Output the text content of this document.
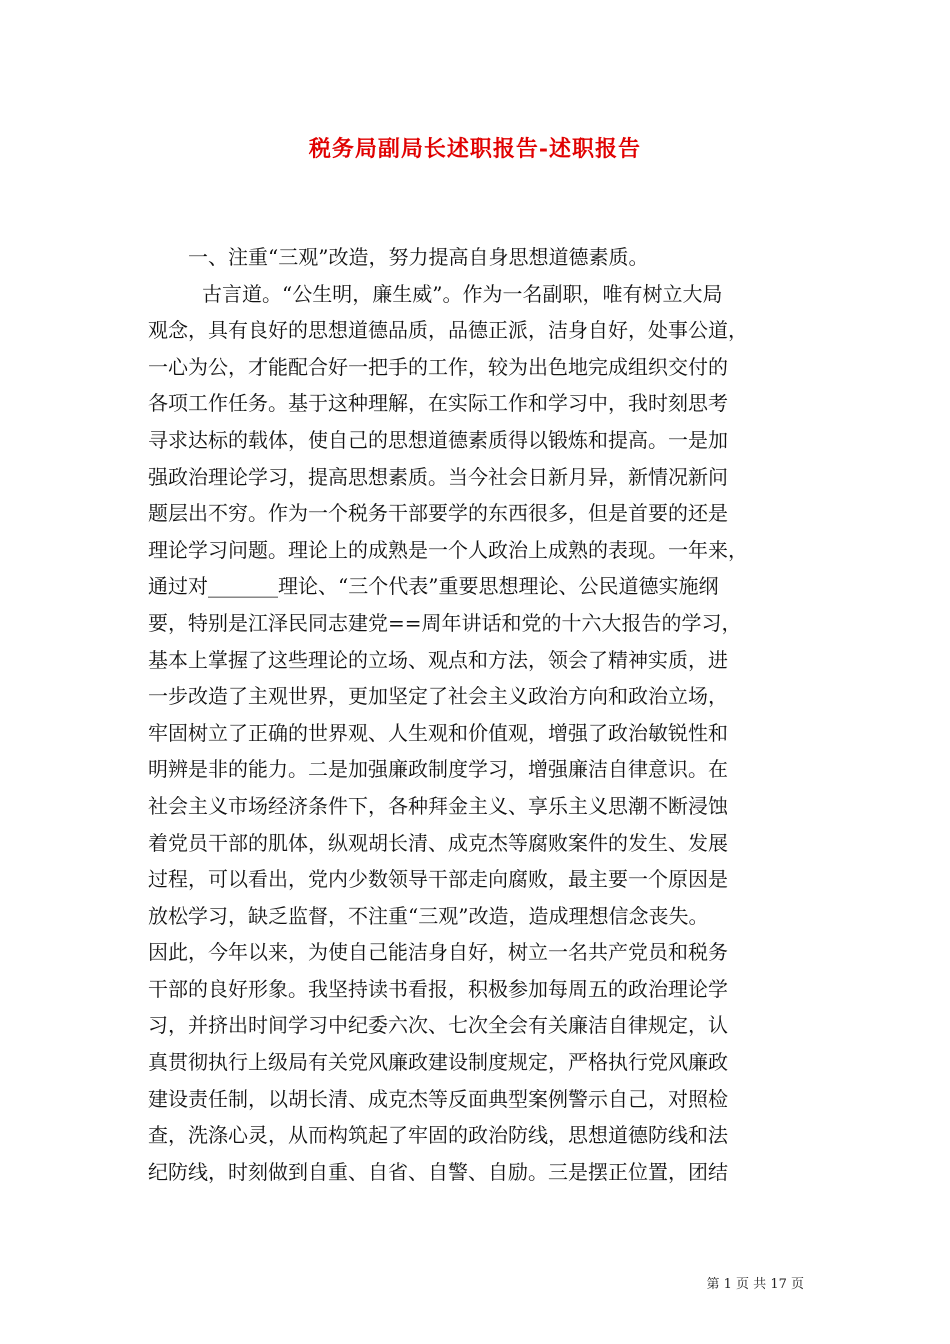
税务局副局长述职报告-述职报告
一、注重“三观”改造，努力提高自身思想道德素质。
古言道。“公生明，廉生威”。作为一名副职，唯有树立大局
观念，具有良好的思想道德品质，品德正派，洁身自好，处事公道，
一心为公，才能配合好一把手的工作，较为出色地完成组织交付的
各项工作任务。基于这种理解，在实际工作和学习中，我时刻思考
寻求达标的载体，使自己的思想道德素质得以锻炼和提高。一是加
强政治理论学习，提高思想素质。当今社会日新月异，新情况新问
题层出不穷。作为一个税务干部要学的东西很多，但是首要的还是
理论学习问题。理论上的成熟是一个人政治上成熟的表现。一年来，
通过对_______理论、“三个代表”重要思想理论、公民道德实施纲
要，特别是江泽民同志建党==周年讲话和党的十六大报告的学习，
基本上掌握了这些理论的立场、观点和方法，领会了精神实质，进
一步改造了主观世界，更加坚定了社会主义政治方向和政治立场，
牢固树立了正确的世界观、人生观和价值观，增强了政治敏锐性和
明辨是非的能力。二是加强廉政制度学习，增强廉洁自律意识。在
社会主义市场经济条件下，各种拜金主义、享乐主义思潮不断浸蚀
着党员干部的肌体，纵观胡长清、成克杰等腐败案件的发生、发展
过程，可以看出，党内少数领导干部走向腐败，最主要一个原因是
放松学习，缺乏监督，不注重“三观”改造，造成理想信念丧失。
因此，今年以来，为使自己能洁身自好，树立一名共产党员和税务
干部的良好形象。我坚持读书看报，积极参加每周五的政治理论学
习，并挤出时间学习中纪委六次、七次全会有关廉洁自律规定，认
真贯彻执行上级局有关党风廉政建设制度规定，严格执行党风廉政
建设责任制，以胡长清、成克杰等反面典型案例警示自己，对照检
查，洗涤心灵，从而构筑起了牢固的政治防线，思想道德防线和法
纪防线，时刻做到自重、自省、自警、自励。三是摆正位置，团结
第 1 页 共 17 页
